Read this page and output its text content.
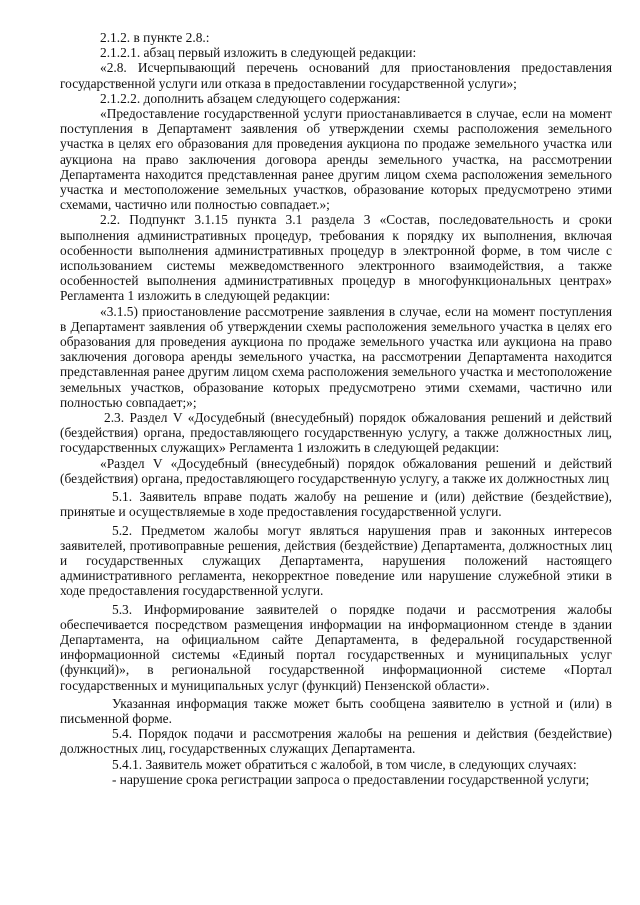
2.1.2. в пункте 2.8.:

2.1.2.1. абзац первый изложить в следующей редакции:

«2.8. Исчерпывающий перечень оснований для приостановления предоставления государственной услуги или отказа в предоставлении государственной услуги»;

2.1.2.2. дополнить абзацем следующего содержания:

«Предоставление государственной услуги приостанавливается в случае, если на момент поступления в Департамент заявления об утверждении схемы расположения земельного участка в целях его образования для проведения аукциона по продаже земельного участка или аукциона на право заключения договора аренды земельного участка, на рассмотрении Департамента находится представленная ранее другим лицом схема расположения земельного участка и местоположение земельных участков, образование которых предусмотрено этими схемами, частично или полностью совпадает.»;

2.2. Подпункт 3.1.15 пункта 3.1 раздела 3 «Состав, последовательность и сроки выполнения административных процедур, требования к порядку их выполнения, включая особенности выполнения административных процедур в электронной форме, в том числе с использованием системы межведомственного электронного взаимодействия, а также особенностей выполнения административных процедур в многофункциональных центрах» Регламента 1 изложить в следующей редакции:

«3.1.5) приостановление рассмотрение заявления в случае, если на момент поступления в Департамент заявления об утверждении схемы расположения земельного участка в целях его образования для проведения аукциона по продаже земельного участка или аукциона на право заключения договора аренды земельного участка, на рассмотрении Департамента находится представленная ранее другим лицом схема расположения земельного участка и местоположение земельных участков, образование которых предусмотрено этими схемами, частично или полностью совпадает;»;

2.3. Раздел V «Досудебный (внесудебный) порядок обжалования решений и действий (бездействия) органа, предоставляющего государственную услугу, а также должностных лиц, государственных служащих» Регламента 1 изложить в следующей редакции:

«Раздел V «Досудебный (внесудебный) порядок обжалования решений и действий (бездействия) органа, предоставляющего государственную услугу, а также их должностных лиц

5.1. Заявитель вправе подать жалобу на решение и (или) действие (бездействие), принятые и осуществляемые в ходе предоставления государственной услуги.

5.2. Предметом жалобы могут являться нарушения прав и законных интересов заявителей, противоправные решения, действия (бездействие) Департамента, должностных лиц и государственных служащих Департамента, нарушения положений настоящего административного регламента, некорректное поведение или нарушение служебной этики в ходе предоставления государственной услуги.

5.3. Информирование заявителей о порядке подачи и рассмотрения жалобы обеспечивается посредством размещения информации на информационном стенде в здании Департамента, на официальном сайте Департамента, в федеральной государственной информационной системы «Единый портал государственных и муниципальных услуг (функций)», в региональной государственной информационной системе «Портал государственных и муниципальных услуг (функций) Пензенской области».

Указанная информация также может быть сообщена заявителю в устной и (или) в письменной форме.

5.4. Порядок подачи и рассмотрения жалобы на решения и действия (бездействие) должностных лиц, государственных служащих Департамента.

5.4.1. Заявитель может обратиться с жалобой, в том числе, в следующих случаях:

- нарушение срока регистрации запроса о предоставлении государственной услуги;
